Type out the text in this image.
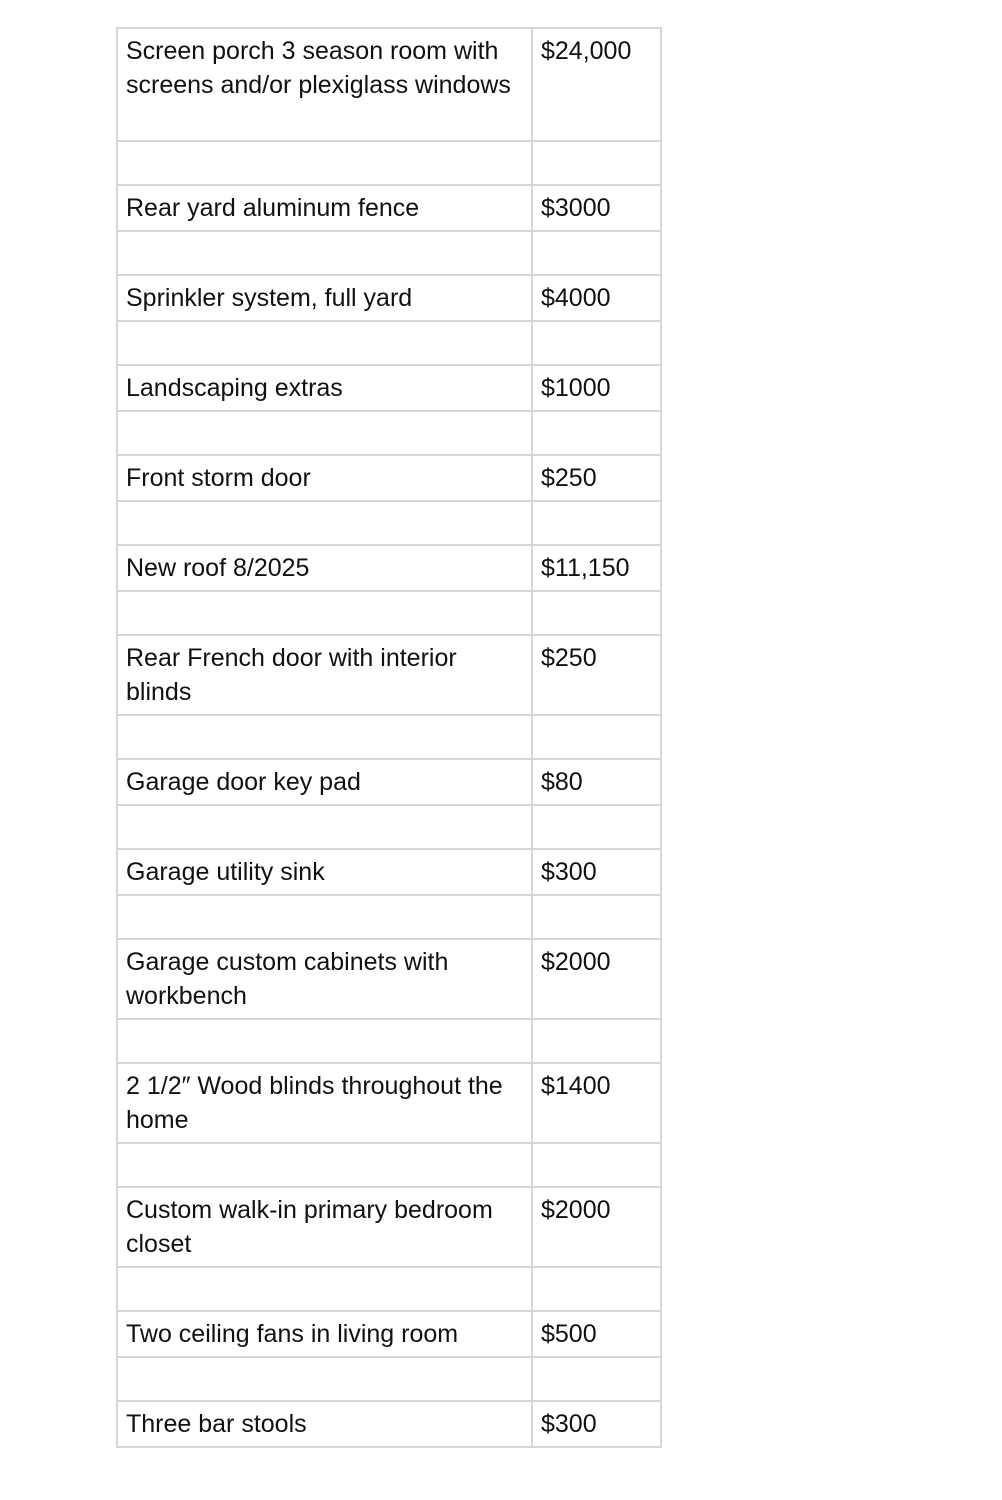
Screen porch 3 season room with screens and/or plexiglass windows	$24,000

Rear yard aluminum fence	$3000

Sprinkler system, full yard	$4000

Landscaping extras	$1000

Front storm door	$250

New roof 8/2025	$11,150

Rear French door with interior blinds	$250

Garage door key pad	$80

Garage utility sink	$300

Garage custom cabinets with workbench	$2000

2 1/2″ Wood blinds throughout the home	$1400

Custom walk-in primary bedroom closet	$2000

Two ceiling fans in living room	$500

Three bar stools	$300
